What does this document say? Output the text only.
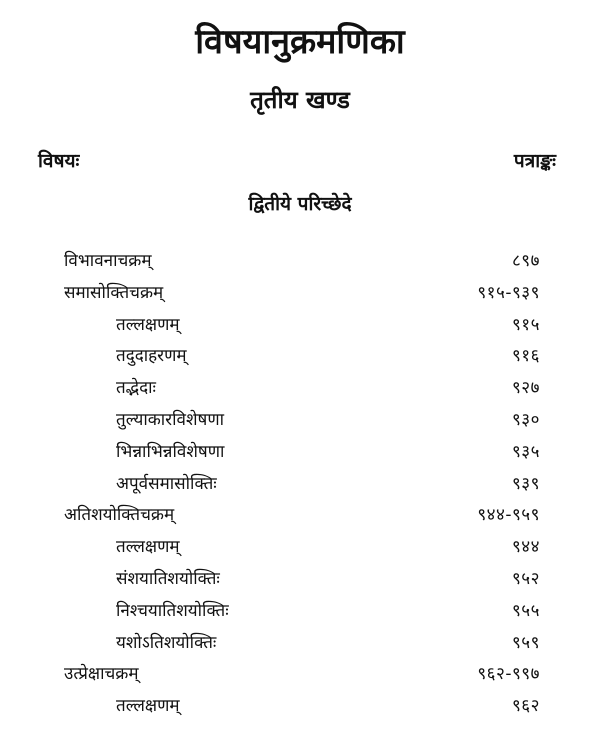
विषयानुक्रमणिका
तृतीय खण्ड
विषयः	पत्राङ्कः
द्वितीये परिच्छेदे
विभावनाचक्रम्	८९७
समासोक्तिचक्रम्	९१५-९३९
तल्लक्षणम्	९१५
तदुदाहरणम्	९१६
तद्भेदाः	९२७
तुल्याकारविशेषणा	९३०
भिन्नाभिन्नविशेषणा	९३५
अपूर्वसमासोक्तिः	९३९
अतिशयोक्तिचक्रम्	९४४-९५९
तल्लक्षणम्	९४४
संशयातिशयोक्तिः	९५२
निश्चयातिशयोक्तिः	९५५
यशोऽतिशयोक्तिः	९५९
उत्प्रेक्षाचक्रम्	९६२-९९७
तल्लक्षणम्	९६२
